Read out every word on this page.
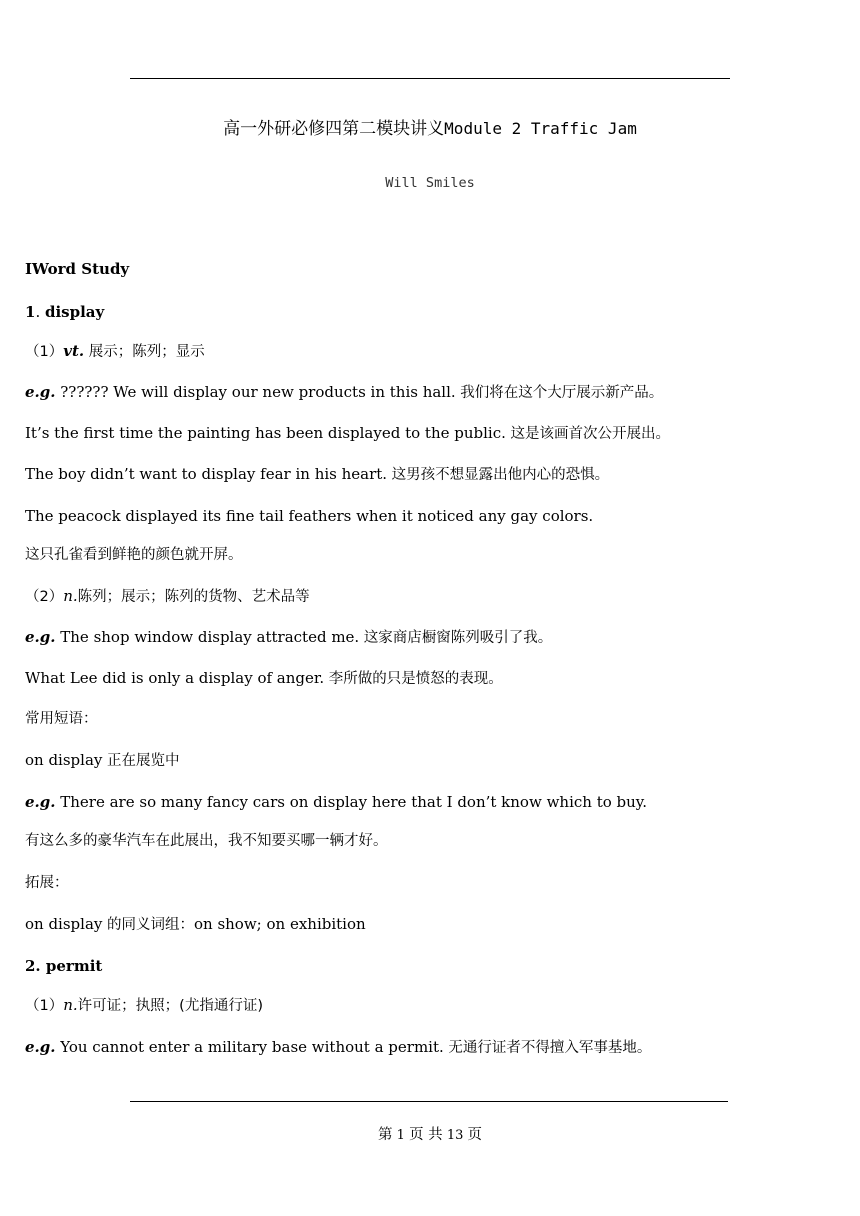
高一外研必修四第二模块讲义Module 2 Traffic Jam
Will Smiles
ⅠWord Study
1. display
（1）vt. 展示；陈列；显示
e.g. ?????? We will display our new products in this hall. 我们将在这个大厅展示新产品。
It’s the first time the painting has been displayed to the public. 这是该画首次公开展出。
The boy didn’t want to display fear in his heart. 这男孩不想显露出他内心的恐惧。
The peacock displayed its fine tail feathers when it noticed any gay colors.
这只孔雀看到鲜艳的颜色就开屏。
（2）n.陈列；展示；陈列的货物、艺术品等
e.g. The shop window display attracted me. 这家商店橱窗陈列吸引了我。
What Lee did is only a display of anger. 李所做的只是愤怒的表现。
常用短语：
on display 正在展览中
e.g. There are so many fancy cars on display here that I don’t know which to buy.
有这么多的豪华汽车在此展出，我不知要买哪一辆才好。
拓展：
on display 的同义词组：on show; on exhibition
2. permit
（1）n.许可证；执照；(尤指通行证)
e.g. You cannot enter a military base without a permit. 无通行证者不得擅入军事基地。
第 1 页 共 13 页
